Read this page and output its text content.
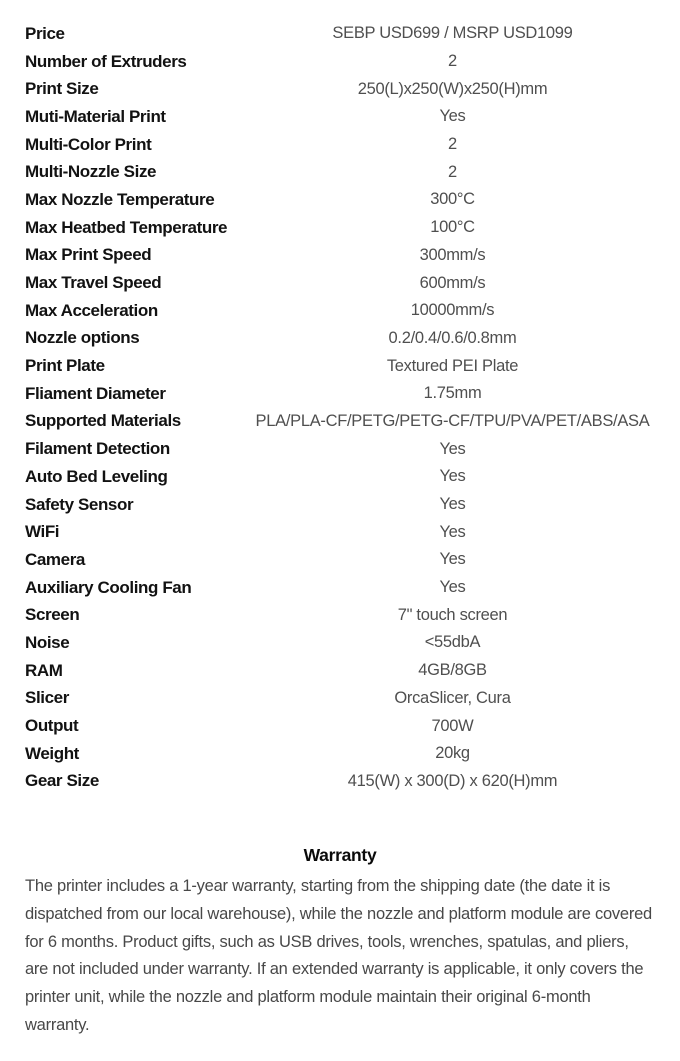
Price	SEBP USD699 / MSRP USD1099
Number of Extruders	2
Print Size	250(L)x250(W)x250(H)mm
Muti-Material Print	Yes
Multi-Color Print	2
Multi-Nozzle Size	2
Max Nozzle Temperature	300°C
Max Heatbed Temperature	100°C
Max Print Speed	300mm/s
Max Travel Speed	600mm/s
Max Acceleration	10000mm/s
Nozzle options	0.2/0.4/0.6/0.8mm
Print Plate	Textured PEI Plate
Fliament Diameter	1.75mm
Supported Materials	PLA/PLA-CF/PETG/PETG-CF/TPU/PVA/PET/ABS/ASA
Filament Detection	Yes
Auto Bed Leveling	Yes
Safety Sensor	Yes
WiFi	Yes
Camera	Yes
Auxiliary Cooling Fan	Yes
Screen	7" touch screen
Noise	<55dbA
RAM	4GB/8GB
Slicer	OrcaSlicer, Cura
Output	700W
Weight	20kg
Gear Size	415(W) x 300(D) x 620(H)mm
Warranty

The printer includes a 1-year warranty, starting from the shipping date (the date it is dispatched from our local warehouse), while the nozzle and platform module are covered for 6 months. Product gifts, such as USB drives, tools, wrenches, spatulas, and pliers, are not included under warranty. If an extended warranty is applicable, it only covers the printer unit, while the nozzle and platform module maintain their original 6-month warranty.
